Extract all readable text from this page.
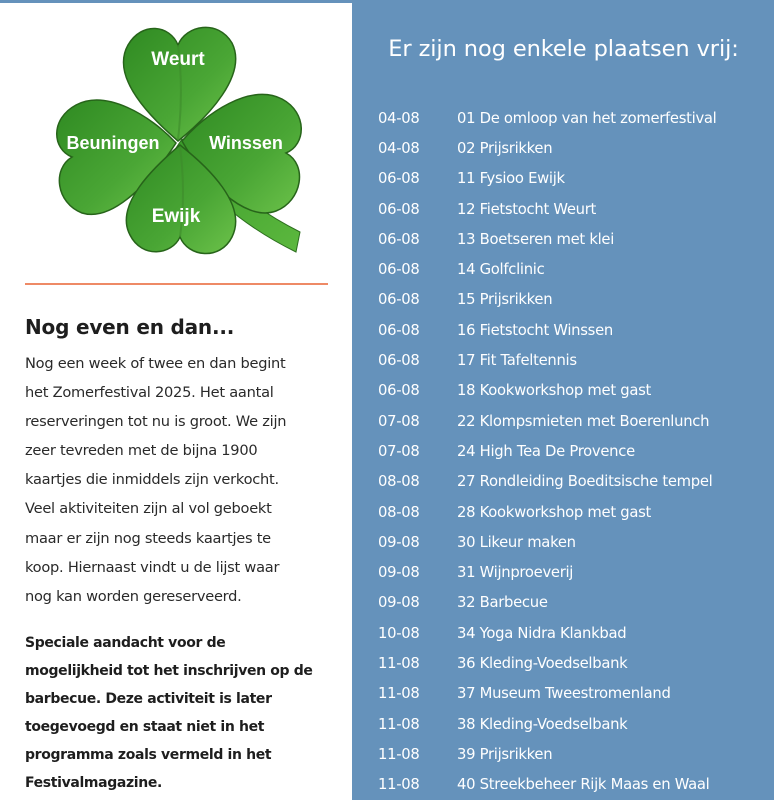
Weurt
Beuningen	Winssen
Ewijk
Nog even en dan...

Nog een week of twee en dan begint
het Zomerfestival 2025. Het aantal
reserveringen tot nu is groot. We zijn
zeer tevreden met de bijna 1900
kaartjes die inmiddels zijn verkocht.
Veel aktiviteiten zijn al vol geboekt
maar er zijn nog steeds kaartjes te
koop. Hiernaast vindt u de lijst waar
nog kan worden gereserveerd.

Speciale aandacht voor de
mogelijkheid tot het inschrijven op de
barbecue. Deze activiteit is later
toegevoegd en staat niet in het
programma zoals vermeld in het
Festivalmagazine.

Er zijn nog enkele plaatsen vrij:
04-08	01 De omloop van het zomerfestival
04-08	02 Prijsrikken
06-08	11 Fysioo Ewijk
06-08	12 Fietstocht Weurt
06-08	13 Boetseren met klei
06-08	14 Golfclinic
06-08	15 Prijsrikken
06-08	16 Fietstocht Winssen
06-08	17 Fit Tafeltennis
06-08	18 Kookworkshop met gast
07-08	22 Klompsmieten met Boerenlunch
07-08	24 High Tea De Provence
08-08	27 Rondleiding Boeditsische tempel
08-08	28 Kookworkshop met gast
09-08	30 Likeur maken
09-08	31 Wijnproeverij
09-08	32 Barbecue
10-08	34 Yoga Nidra Klankbad
11-08	36 Kleding-Voedselbank
11-08	37 Museum Tweestromenland
11-08	38 Kleding-Voedselbank
11-08	39 Prijsrikken
11-08	40 Streekbeheer Rijk Maas en Waal
